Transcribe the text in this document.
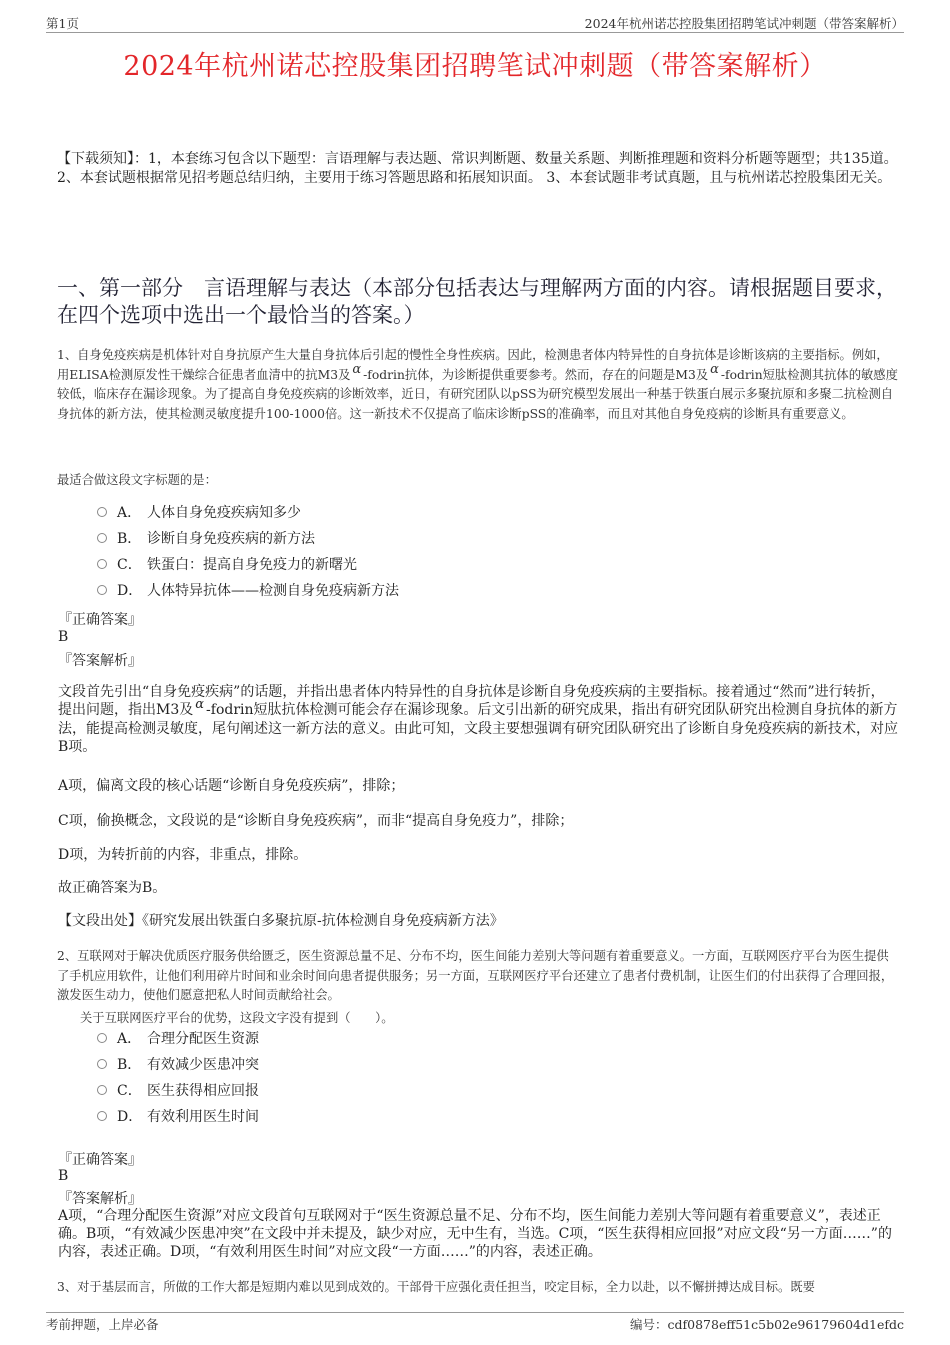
第1页	2024年杭州诺芯控股集团招聘笔试冲刺题（带答案解析）
2024年杭州诺芯控股集团招聘笔试冲刺题（带答案解析）
【下载须知】：1，本套练习包含以下题型：言语理解与表达题、常识判断题、数量关系题、判断推理题和资料分析题等题型；共135道。 2、本套试题根据常见招考题总结归纳，主要用于练习答题思路和拓展知识面。 3、本套试题非考试真题，且与杭州诺芯控股集团无关。
一、第一部分　言语理解与表达（本部分包括表达与理解两方面的内容。请根据题目要求，在四个选项中选出一个最恰当的答案。）
1、自身免疫疾病是机体针对自身抗原产生大量自身抗体后引起的慢性全身性疾病。因此，检测患者体内特异性的自身抗体是诊断该病的主要指标。例如，用ELISA检测原发性干燥综合征患者血清中的抗M3及 α -fodrin抗体，为诊断提供重要参考。然而，存在的问题是M3及 α -fodrin短肽检测其抗体的敏感度较低，临床存在漏诊现象。为了提高自身免疫疾病的诊断效率，近日，有研究团队以pSS为研究模型发展出一种基于铁蛋白展示多聚抗原和多聚二抗检测自身抗体的新方法，使其检测灵敏度提升100-1000倍。这一新技术不仅提高了临床诊断pSS的准确率，而且对其他自身免疫病的诊断具有重要意义。
最适合做这段文字标题的是：
A． 人体自身免疫疾病知多少
B． 诊断自身免疫疾病的新方法
C． 铁蛋白：提高自身免疫力的新曙光
D． 人体特异抗体——检测自身免疫病新方法
『正确答案』
B
『答案解析』
文段首先引出“自身免疫疾病”的话题，并指出患者体内特异性的自身抗体是诊断自身免疫疾病的主要指标。接着通过“然而”进行转折，提出问题，指出M3及 α -fodrin短肽抗体检测可能会存在漏诊现象。后文引出新的研究成果，指出有研究团队研究出检测自身抗体的新方法，能提高检测灵敏度，尾句阐述这一新方法的意义。由此可知，文段主要想强调有研究团队研究出了诊断自身免疫疾病的新技术，对应B项。
A项，偏离文段的核心话题“诊断自身免疫疾病”，排除；
C项，偷换概念，文段说的是“诊断自身免疫疾病”，而非“提高自身免疫力”，排除；
D项，为转折前的内容，非重点，排除。
故正确答案为B。
【文段出处】《研究发展出铁蛋白多聚抗原-抗体检测自身免疫病新方法》
2、互联网对于解决优质医疗服务供给匮乏，医生资源总量不足、分布不均，医生间能力差别大等问题有着重要意义。一方面，互联网医疗平台为医生提供了手机应用软件，让他们利用碎片时间和业余时间向患者提供服务；另一方面，互联网医疗平台还建立了患者付费机制，让医生们的付出获得了合理回报，激发医生动力，使他们愿意把私人时间贡献给社会。
关于互联网医疗平台的优势，这段文字没有提到（　　）。
A． 合理分配医生资源
B． 有效减少医患冲突
C． 医生获得相应回报
D． 有效利用医生时间
『正确答案』
B
『答案解析』
A项，“合理分配医生资源”对应文段首句互联网对于“医生资源总量不足、分布不均，医生间能力差别大等问题有着重要意义”，表述正确。B项，“有效减少医患冲突”在文段中并未提及，缺少对应，无中生有，当选。C项，“医生获得相应回报”对应文段“另一方面……”的内容，表述正确。D项，“有效利用医生时间”对应文段“一方面……”的内容，表述正确。
3、对于基层而言，所做的工作大都是短期内难以见到成效的。干部骨干应强化责任担当，咬定目标，全力以赴，以不懈拼搏达成目标。既要
考前押题，上岸必备	编号：cdf0878eff51c5b02e96179604d1efdc
